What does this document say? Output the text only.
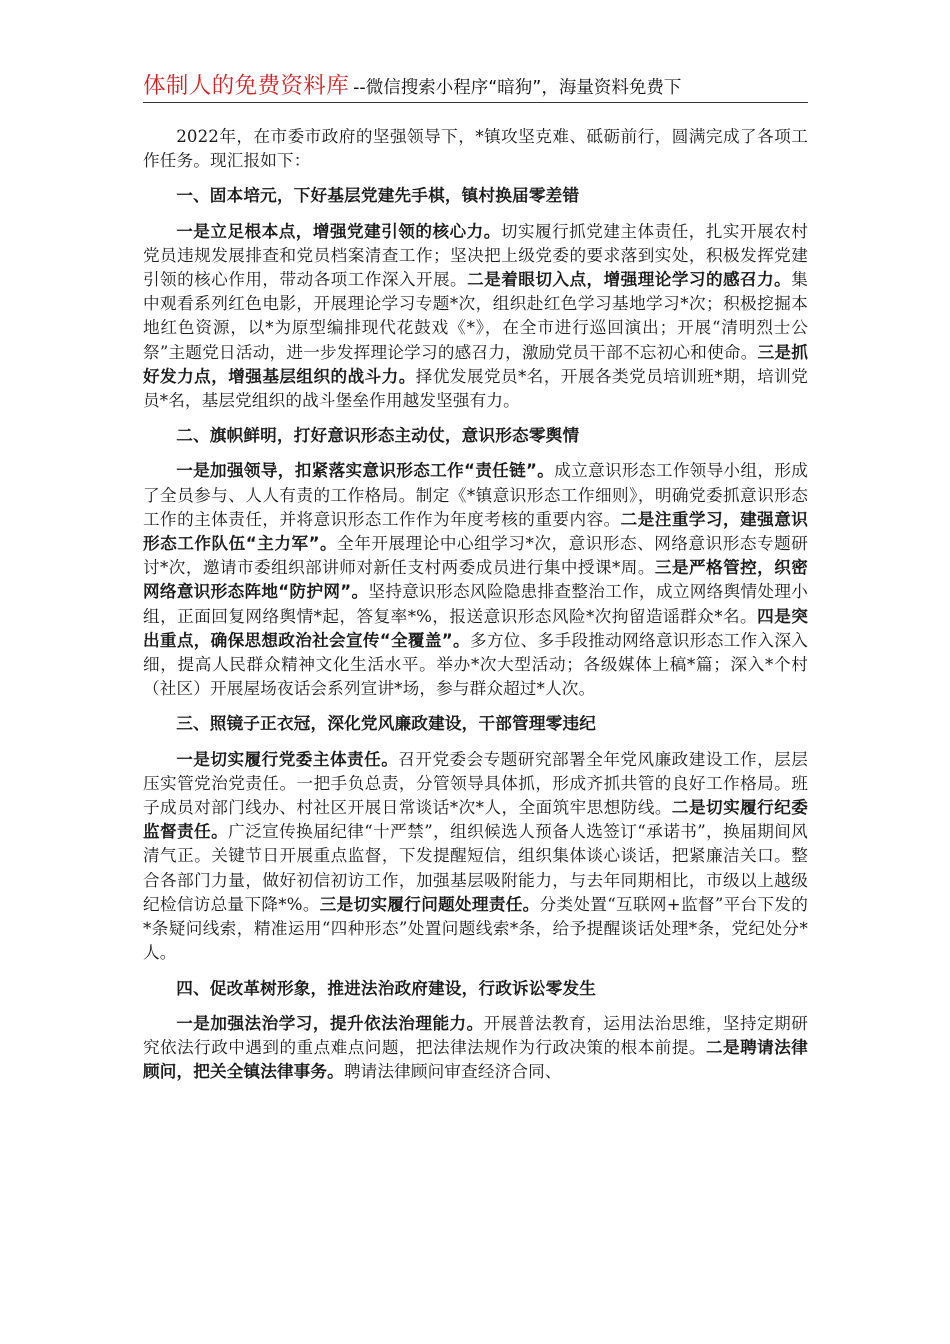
体制人的免费资料库 --微信搜索小程序“暗狗”，海量资料免费下

2022年，在市委市政府的坚强领导下，*镇攻坚克难、砥砺前行，圆满完成了各项工作任务。现汇报如下：

一、固本培元，下好基层党建先手棋，镇村换届零差错

一是立足根本点，增强党建引领的核心力。切实履行抓党建主体责任，扎实开展农村党员违规发展排查和党员档案清查工作；坚决把上级党委的要求落到实处，积极发挥党建引领的核心作用，带动各项工作深入开展。二是着眼切入点，增强理论学习的感召力。集中观看系列红色电影，开展理论学习专题*次，组织赴红色学习基地学习*次；积极挖掘本地红色资源，以*为原型编排现代花鼓戏《*》，在全市进行巡回演出；开展“清明烈士公祭”主题党日活动，进一步发挥理论学习的感召力，激励党员干部不忘初心和使命。三是抓好发力点，增强基层组织的战斗力。择优发展党员*名，开展各类党员培训班*期，培训党员*名，基层党组织的战斗堡垒作用越发坚强有力。

二、旗帜鲜明，打好意识形态主动仗，意识形态零舆情

一是加强领导，扣紧落实意识形态工作“责任链”。成立意识形态工作领导小组，形成了全员参与、人人有责的工作格局。制定《*镇意识形态工作细则》，明确党委抓意识形态工作的主体责任，并将意识形态工作作为年度考核的重要内容。二是注重学习，建强意识形态工作队伍“主力军”。全年开展理论中心组学习*次，意识形态、网络意识形态专题研讨*次，邀请市委组织部讲师对新任支村两委成员进行集中授课*周。三是严格管控，织密网络意识形态阵地“防护网”。坚持意识形态风险隐患排查整治工作，成立网络舆情处理小组，正面回复网络舆情*起，答复率*%，报送意识形态风险*次拘留造谣群众*名。四是突出重点，确保思想政治社会宣传“全覆盖”。多方位、多手段推动网络意识形态工作入深入细，提高人民群众精神文化生活水平。举办*次大型活动；各级媒体上稿*篇；深入*个村（社区）开展屋场夜话会系列宣讲*场，参与群众超过*人次。

三、照镜子正衣冠，深化党风廉政建设，干部管理零违纪

一是切实履行党委主体责任。召开党委会专题研究部署全年党风廉政建设工作，层层压实管党治党责任。一把手负总责，分管领导具体抓，形成齐抓共管的良好工作格局。班子成员对部门线办、村社区开展日常谈话*次*人，全面筑牢思想防线。二是切实履行纪委监督责任。广泛宣传换届纪律“十严禁”，组织候选人预备人选签订“承诺书”，换届期间风清气正。关键节日开展重点监督，下发提醒短信，组织集体谈心谈话，把紧廉洁关口。整合各部门力量，做好初信初访工作，加强基层吸附能力，与去年同期相比，市级以上越级纪检信访总量下降*%。三是切实履行问题处理责任。分类处置“互联网+监督”平台下发的*条疑问线索，精准运用“四种形态”处置问题线索*条，给予提醒谈话处理*条，党纪处分*人。

四、促改革树形象，推进法治政府建设，行政诉讼零发生

一是加强法治学习，提升依法治理能力。开展普法教育，运用法治思维，坚持定期研究依法行政中遇到的重点难点问题，把法律法规作为行政决策的根本前提。二是聘请法律顾问，把关全镇法律事务。聘请法律顾问审查经济合同、
